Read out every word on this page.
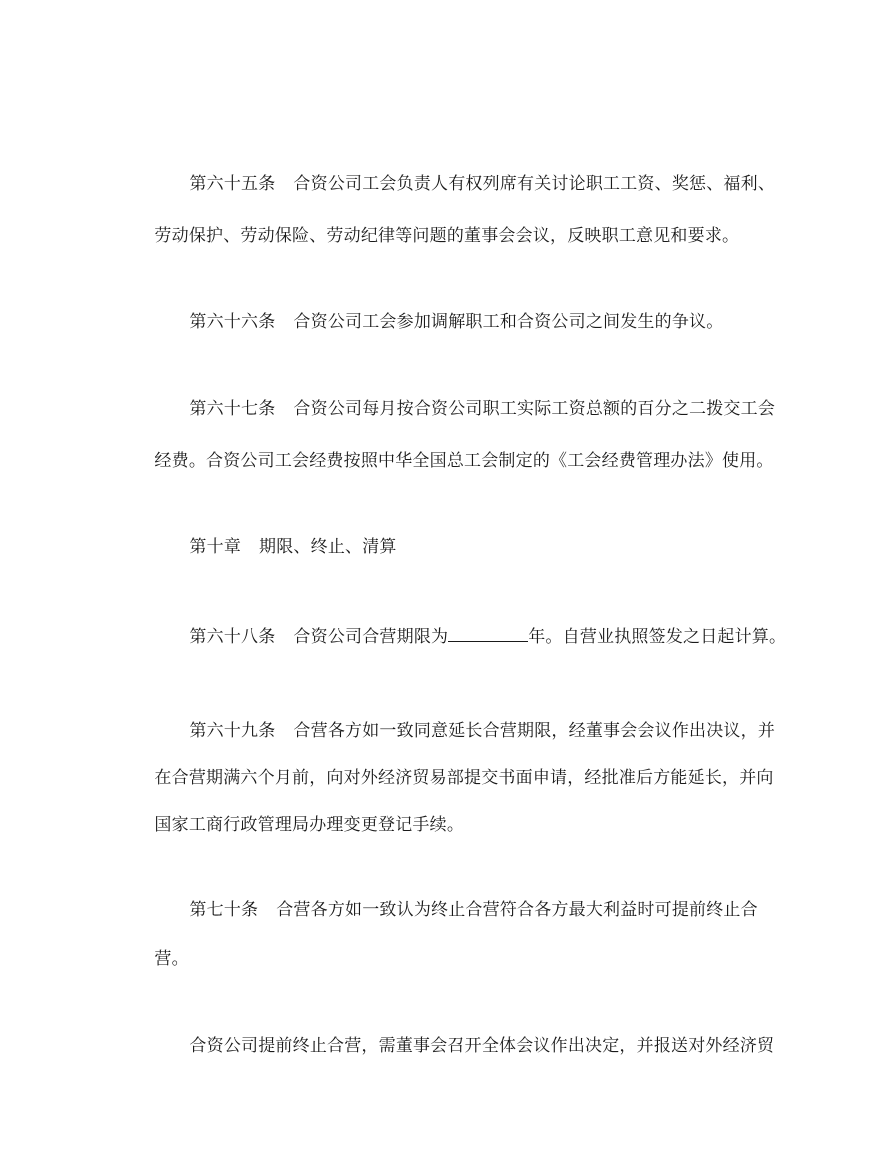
第六十五条 合资公司工会负责人有权列席有关讨论职工工资、奖惩、福利、

劳动保护、劳动保险、劳动纪律等问题的董事会会议，反映职工意见和要求。

第六十六条 合资公司工会参加调解职工和合资公司之间发生的争议。

第六十七条 合资公司每月按合资公司职工实际工资总额的百分之二拨交工会

经费。合资公司工会经费按照中华全国总工会制定的《工会经费管理办法》使用。

第十章 期限、终止、清算

第六十八条 合资公司合营期限为	年。自营业执照签发之日起计算。

第六十九条 合营各方如一致同意延长合营期限，经董事会会议作出决议，并

在合营期满六个月前，向对外经济贸易部提交书面申请，经批准后方能延长，并向

国家工商行政管理局办理变更登记手续。

第七十条 合营各方如一致认为终止合营符合各方最大利益时可提前终止合

营。

合资公司提前终止合营，需董事会召开全体会议作出决定，并报送对外经济贸
